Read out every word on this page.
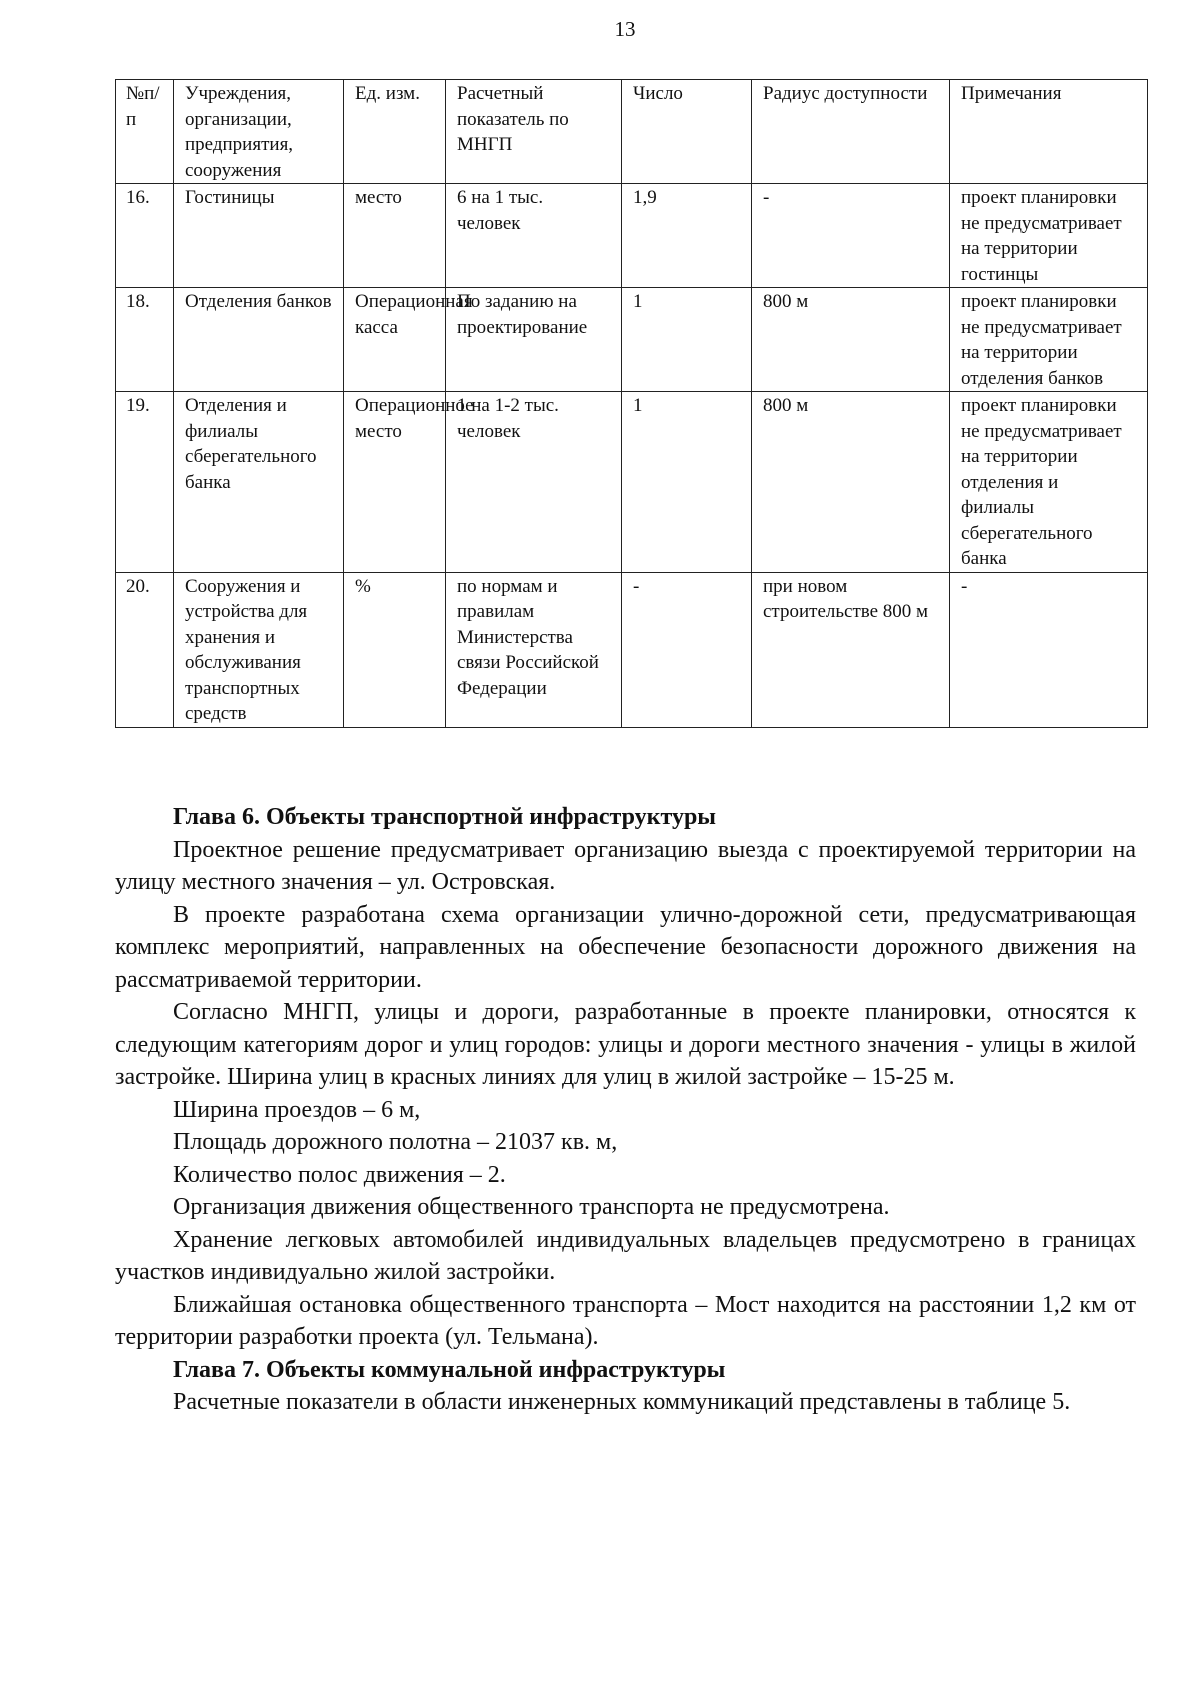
13
№п/п	Учреждения, организации, предприятия, сооружения	Ед. изм.	Расчетный показатель по МНГП	Число	Радиус доступности	Примечания
16.	Гостиницы	место	6 на 1 тыс. человек	1,9	-	проект планировки не предусматривает на территории гостинцы
18.	Отделения банков	Операционная касса	По заданию на проектирование	1	800 м	проект планировки не предусматривает на территории отделения банков
19.	Отделения и филиалы сберегательного банка	Операционное место	1 на 1-2 тыс. человек	1	800 м	проект планировки не предусматривает на территории отделения и филиалы сберегательного банка
20.	Сооружения и устройства для хранения и обслуживания транспортных средств	%	по нормам и правилам Министерства связи Российской Федерации	-	при новом строительстве 800 м	-
Глава 6. Объекты транспортной инфраструктуры

Проектное решение предусматривает организацию выезда с проектируемой территории на улицу местного значения – ул. Островская.

В проекте разработана схема организации улично-дорожной сети, предусматривающая комплекс мероприятий, направленных на обеспечение безопасности дорожного движения на рассматриваемой территории.

Согласно МНГП, улицы и дороги, разработанные в проекте планировки, относятся к следующим категориям дорог и улиц городов: улицы и дороги местного значения - улицы в жилой застройке. Ширина улиц в красных линиях для улиц в жилой застройке – 15-25 м.

Ширина проездов – 6 м,

Площадь дорожного полотна – 21037 кв. м,

Количество полос движения – 2.

Организация движения общественного транспорта не предусмотрена.

Хранение легковых автомобилей индивидуальных владельцев предусмотрено в границах участков индивидуально жилой застройки.

Ближайшая остановка общественного транспорта – Мост находится на расстоянии 1,2 км от территории разработки проекта (ул. Тельмана).

Глава 7. Объекты коммунальной инфраструктуры

Расчетные показатели в области инженерных коммуникаций представлены в таблице 5.
